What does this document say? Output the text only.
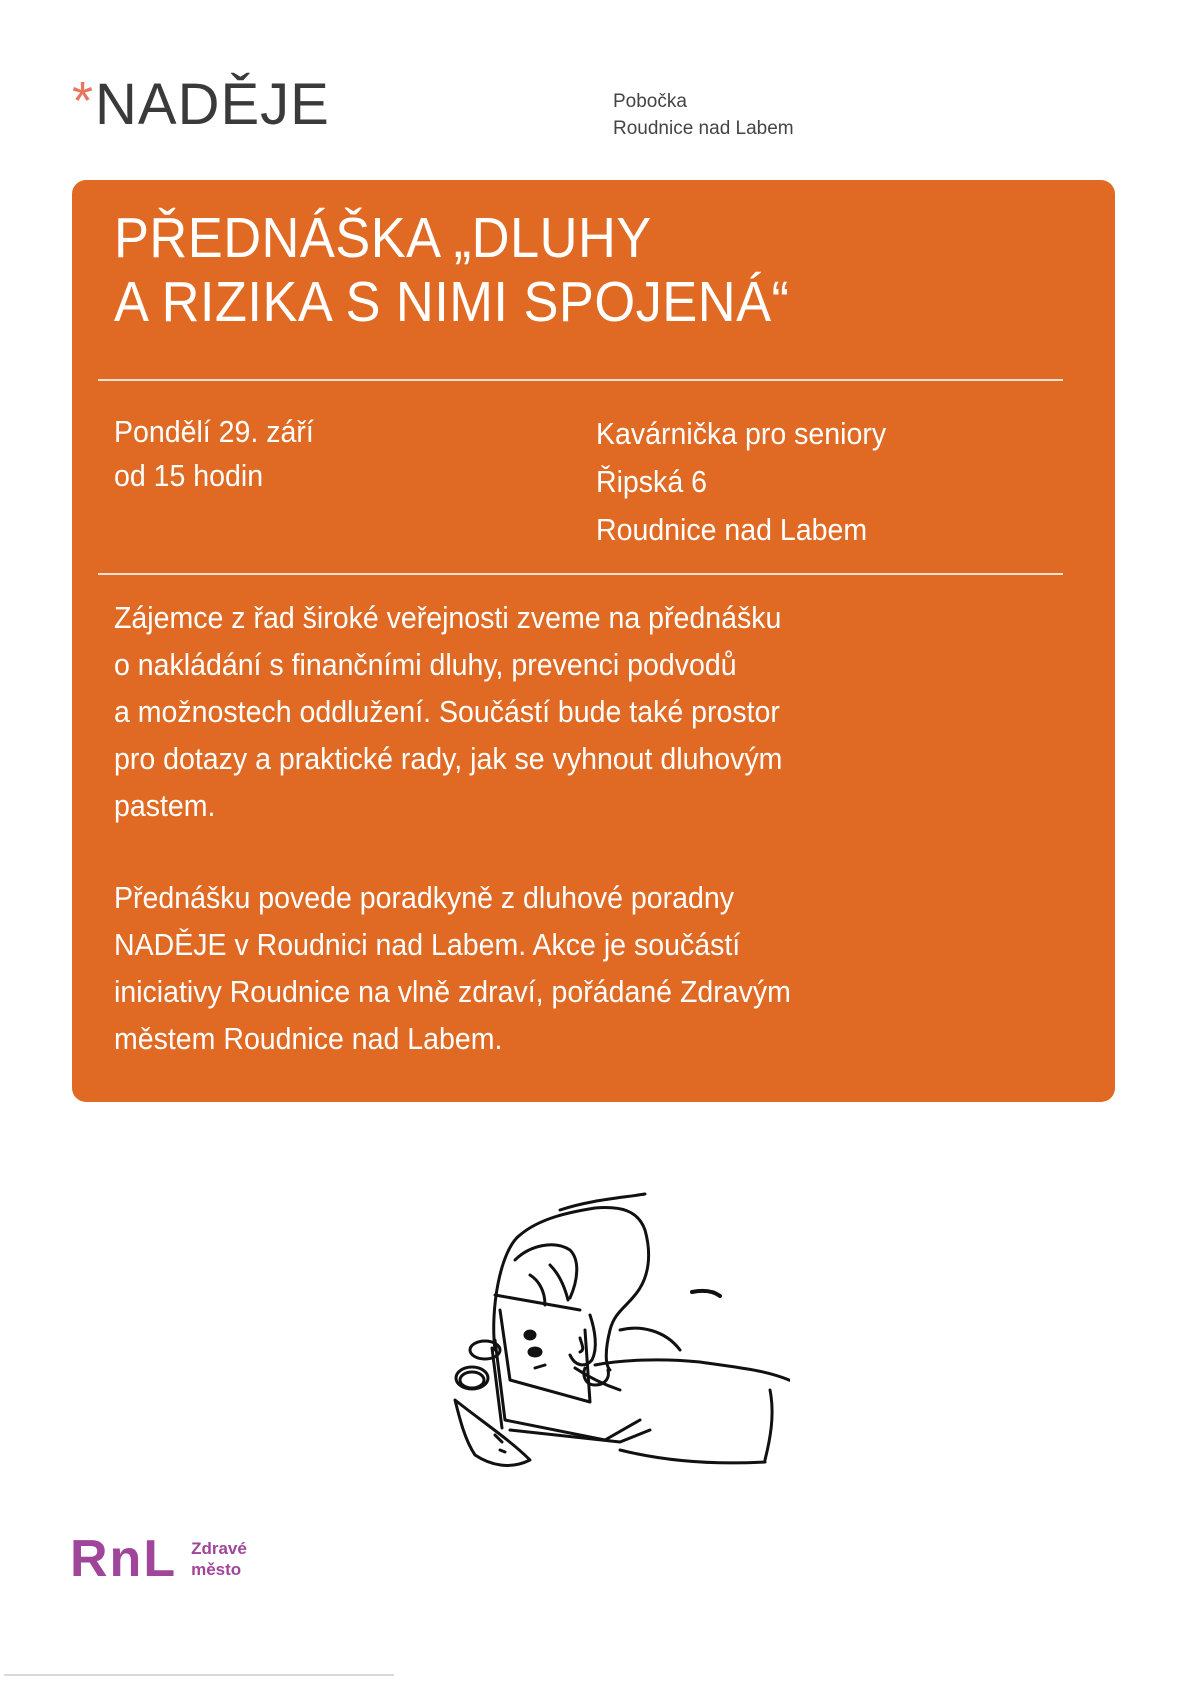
* NADĚJE	Pobočka
Roudnice nad Labem
PŘEDNÁŠKA „DLUHY
A RIZIKA S NIMI SPOJENÁ“
Pondělí 29. září
od 15 hodin
Kavárnička pro seniory
Řipská 6
Roudnice nad Labem
Zájemce z řad široké veřejnosti zveme na přednášku
o nakládání s finančními dluhy, prevenci podvodů
a možnostech oddlužení. Součástí bude také prostor
pro dotazy a praktické rady, jak se vyhnout dluhovým
pastem.
Přednášku povede poradkyně z dluhové poradny
NADĚJE v Roudnici nad Labem. Akce je součástí
iniciativy Roudnice na vlně zdraví, pořádané Zdravým
městem Roudnice nad Labem.
RnL Zdravé
město
